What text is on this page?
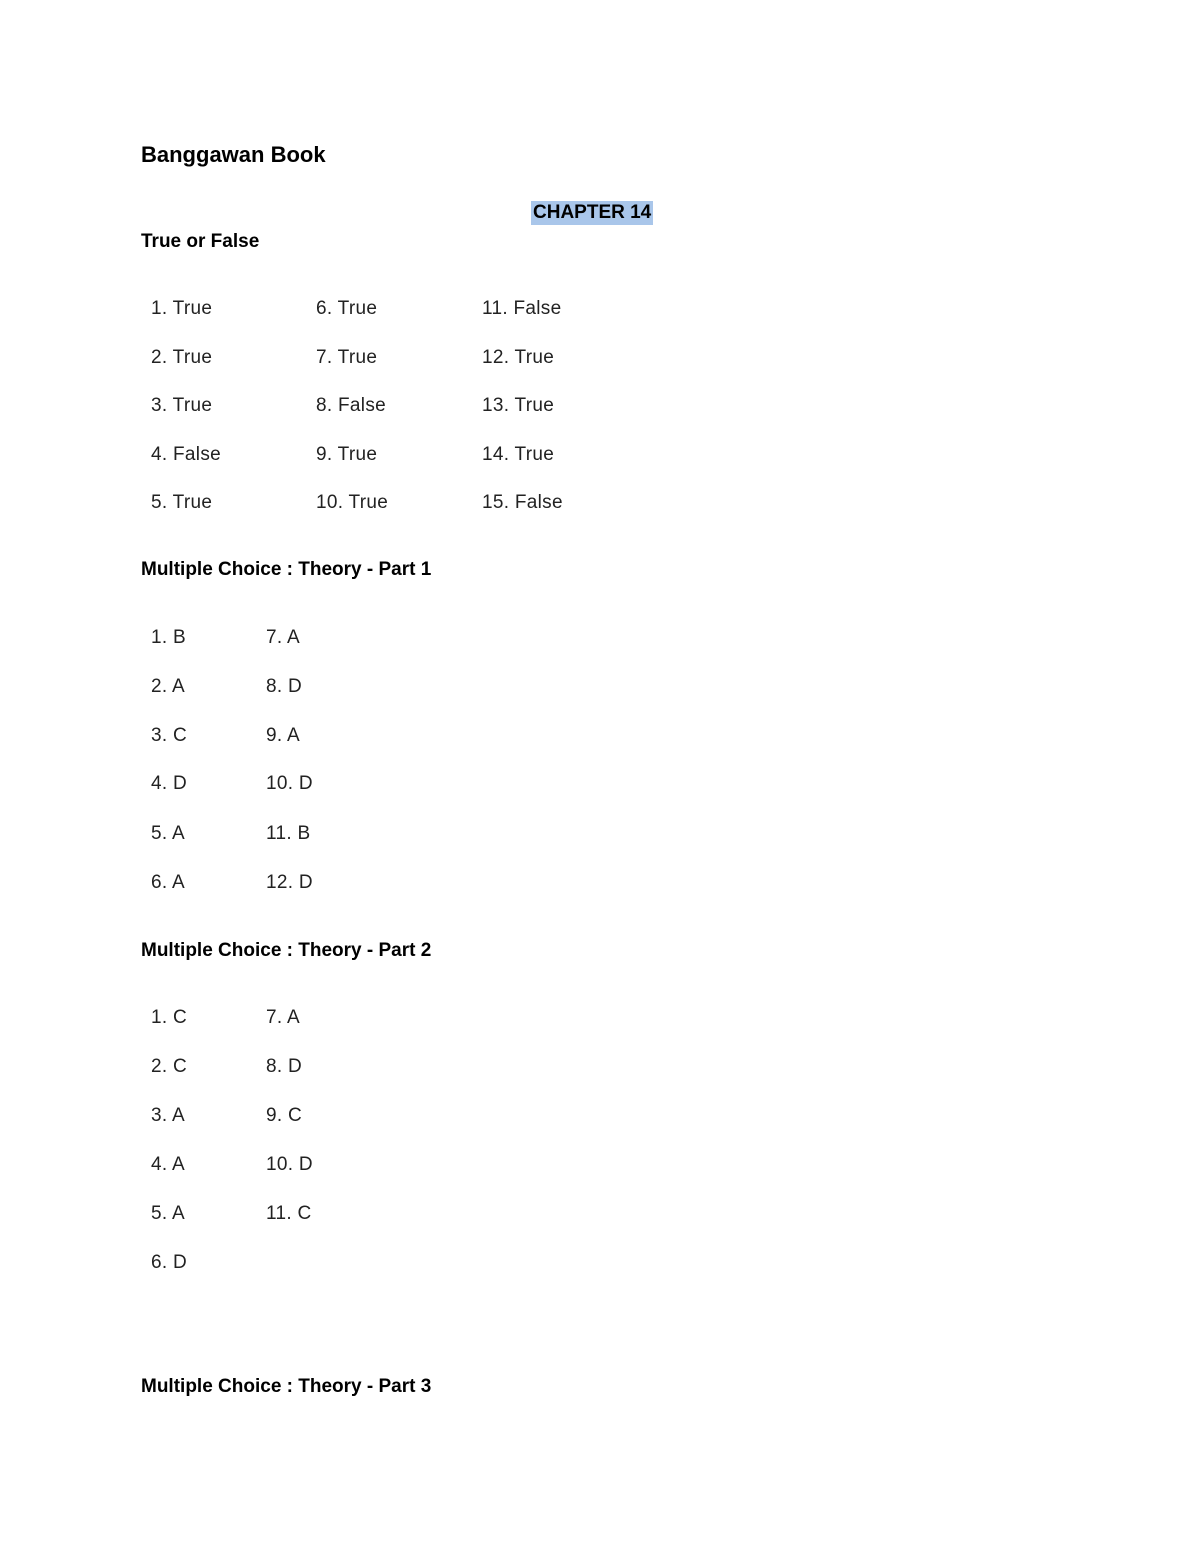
Banggawan Book
CHAPTER 14
True or False
1. True
2. True
3. True
4. False
5. True
6. True
7. True
8. False
9. True
10. True
11. False
12. True
13. True
14. True
15. False
Multiple Choice : Theory - Part 1
1. B
2. A
3. C
4. D
5. A
6. A
7. A
8. D
9. A
10. D
11. B
12. D
Multiple Choice : Theory - Part 2
1. C
2. C
3. A
4. A
5. A
6. D
7. A
8. D
9. C
10. D
11. C
Multiple Choice : Theory - Part 3
